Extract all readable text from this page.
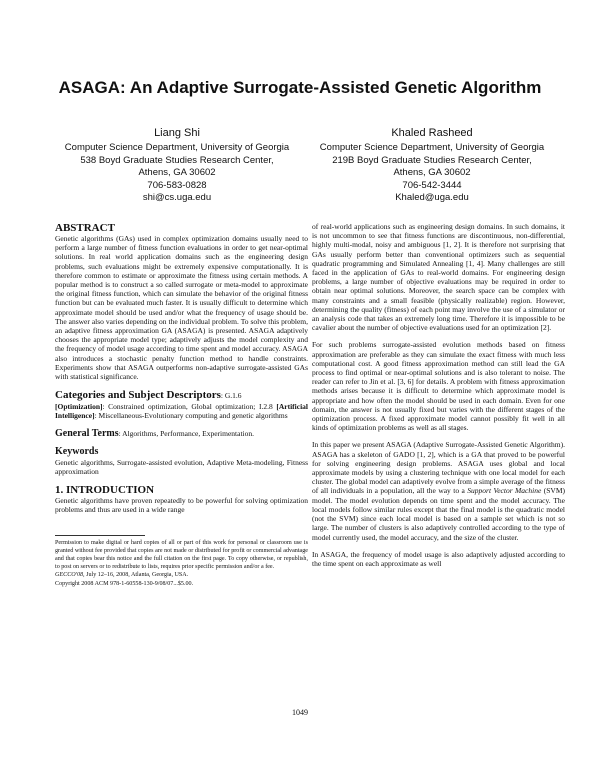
ASAGA: An Adaptive Surrogate-Assisted Genetic Algorithm
Liang Shi
Computer Science Department, University of Georgia
538 Boyd Graduate Studies Research Center,
Athens, GA 30602
706-583-0828
shi@cs.uga.edu
Khaled Rasheed
Computer Science Department, University of Georgia
219B Boyd Graduate Studies Research Center,
Athens, GA 30602
706-542-3444
Khaled@uga.edu
ABSTRACT

Genetic algorithms (GAs) used in complex optimization domains usually need to perform a large number of fitness function evaluations in order to get near-optimal solutions. In real world application domains such as the engineering design problems, such evaluations might be extremely expensive computationally. It is therefore common to estimate or approximate the fitness using certain methods. A popular method is to construct a so called surrogate or meta-model to approximate the original fitness function, which can simulate the behavior of the original fitness function but can be evaluated much faster. It is usually difficult to determine which approximate model should be used and/or what the frequency of usage should be. The answer also varies depending on the individual problem. To solve this problem, an adaptive fitness approximation GA (ASAGA) is presented. ASAGA adaptively chooses the appropriate model type; adaptively adjusts the model complexity and the frequency of model usage according to time spent and model accuracy. ASAGA also introduces a stochastic penalty function method to handle constraints. Experiments show that ASAGA outperforms non-adaptive surrogate-assisted GAs with statistical significance.

Categories and Subject Descriptors: G.1.6

[Optimization]: Constrained optimization, Global optimization; I.2.8 [Artificial Intelligence]: Miscellaneous-Evolutionary computing and genetic algorithms

General Terms: Algorithms, Performance, Experimentation.

Keywords

Genetic algorithms, Surrogate-assisted evolution, Adaptive Meta-modeling, Fitness approximation

1. INTRODUCTION

Genetic algorithms have proven repeatedly to be powerful for solving optimization problems and thus are used in a wide range

Permission to make digital or hard copies of all or part of this work for personal or classroom use is granted without fee provided that copies are not made or distributed for profit or commercial advantage and that copies bear this notice and the full citation on the first page. To copy otherwise, or republish, to post on servers or to redistribute to lists, requires prior specific permission and/or a fee.

GECCO'08, July 12–16, 2008, Atlanta, Georgia, USA.

Copyright 2008 ACM 978-1-60558-130-9/08/07...$5.00.

of real-world applications such as engineering design domains. In such domains, it is not uncommon to see that fitness functions are discontinuous, non-differential, highly multi-modal, noisy and ambiguous [1, 2]. It is therefore not surprising that GAs usually perform better than conventional optimizers such as sequential quadratic programming and Simulated Annealing [1, 4]. Many challenges are still faced in the application of GAs to real-world domains. For engineering design problems, a large number of objective evaluations may be required in order to obtain near optimal solutions. Moreover, the search space can be complex with many constraints and a small feasible (physically realizable) region. However, determining the quality (fitness) of each point may involve the use of a simulator or an analysis code that takes an extremely long time. Therefore it is impossible to be cavalier about the number of objective evaluations used for an optimization [2].

For such problems surrogate-assisted evolution methods based on fitness approximation are preferable as they can simulate the exact fitness with much less computational cost. A good fitness approximation method can still lead the GA process to find optimal or near-optimal solutions and is also tolerant to noise. The reader can refer to Jin et al. [3, 6] for details. A problem with fitness approximation methods arises because it is difficult to determine which approximate model is appropriate and how often the model should be used in each domain. Even for one domain, the answer is not usually fixed but varies with the different stages of the optimization process. A fixed approximate model cannot possibly fit well in all kinds of optimization problems as well as all stages.

In this paper we present ASAGA (Adaptive Surrogate-Assisted Genetic Algorithm). ASAGA has a skeleton of GADO [1, 2], which is a GA that proved to be powerful for solving engineering design problems. ASAGA uses global and local approximate models by using a clustering technique with one local model for each cluster. The global model can adaptively evolve from a simple average of the fitness of all individuals in a population, all the way to a Support Vector Machine (SVM) model. The model evolution depends on time spent and the model accuracy. The local models follow similar rules except that the final model is the quadratic model (not the SVM) since each local model is based on a sample set which is not so large. The number of clusters is also adaptively controlled according to the type of model currently used, the model accuracy, and the size of the cluster.

In ASAGA, the frequency of model usage is also adaptively adjusted according to the time spent on each approximate as well

1049
